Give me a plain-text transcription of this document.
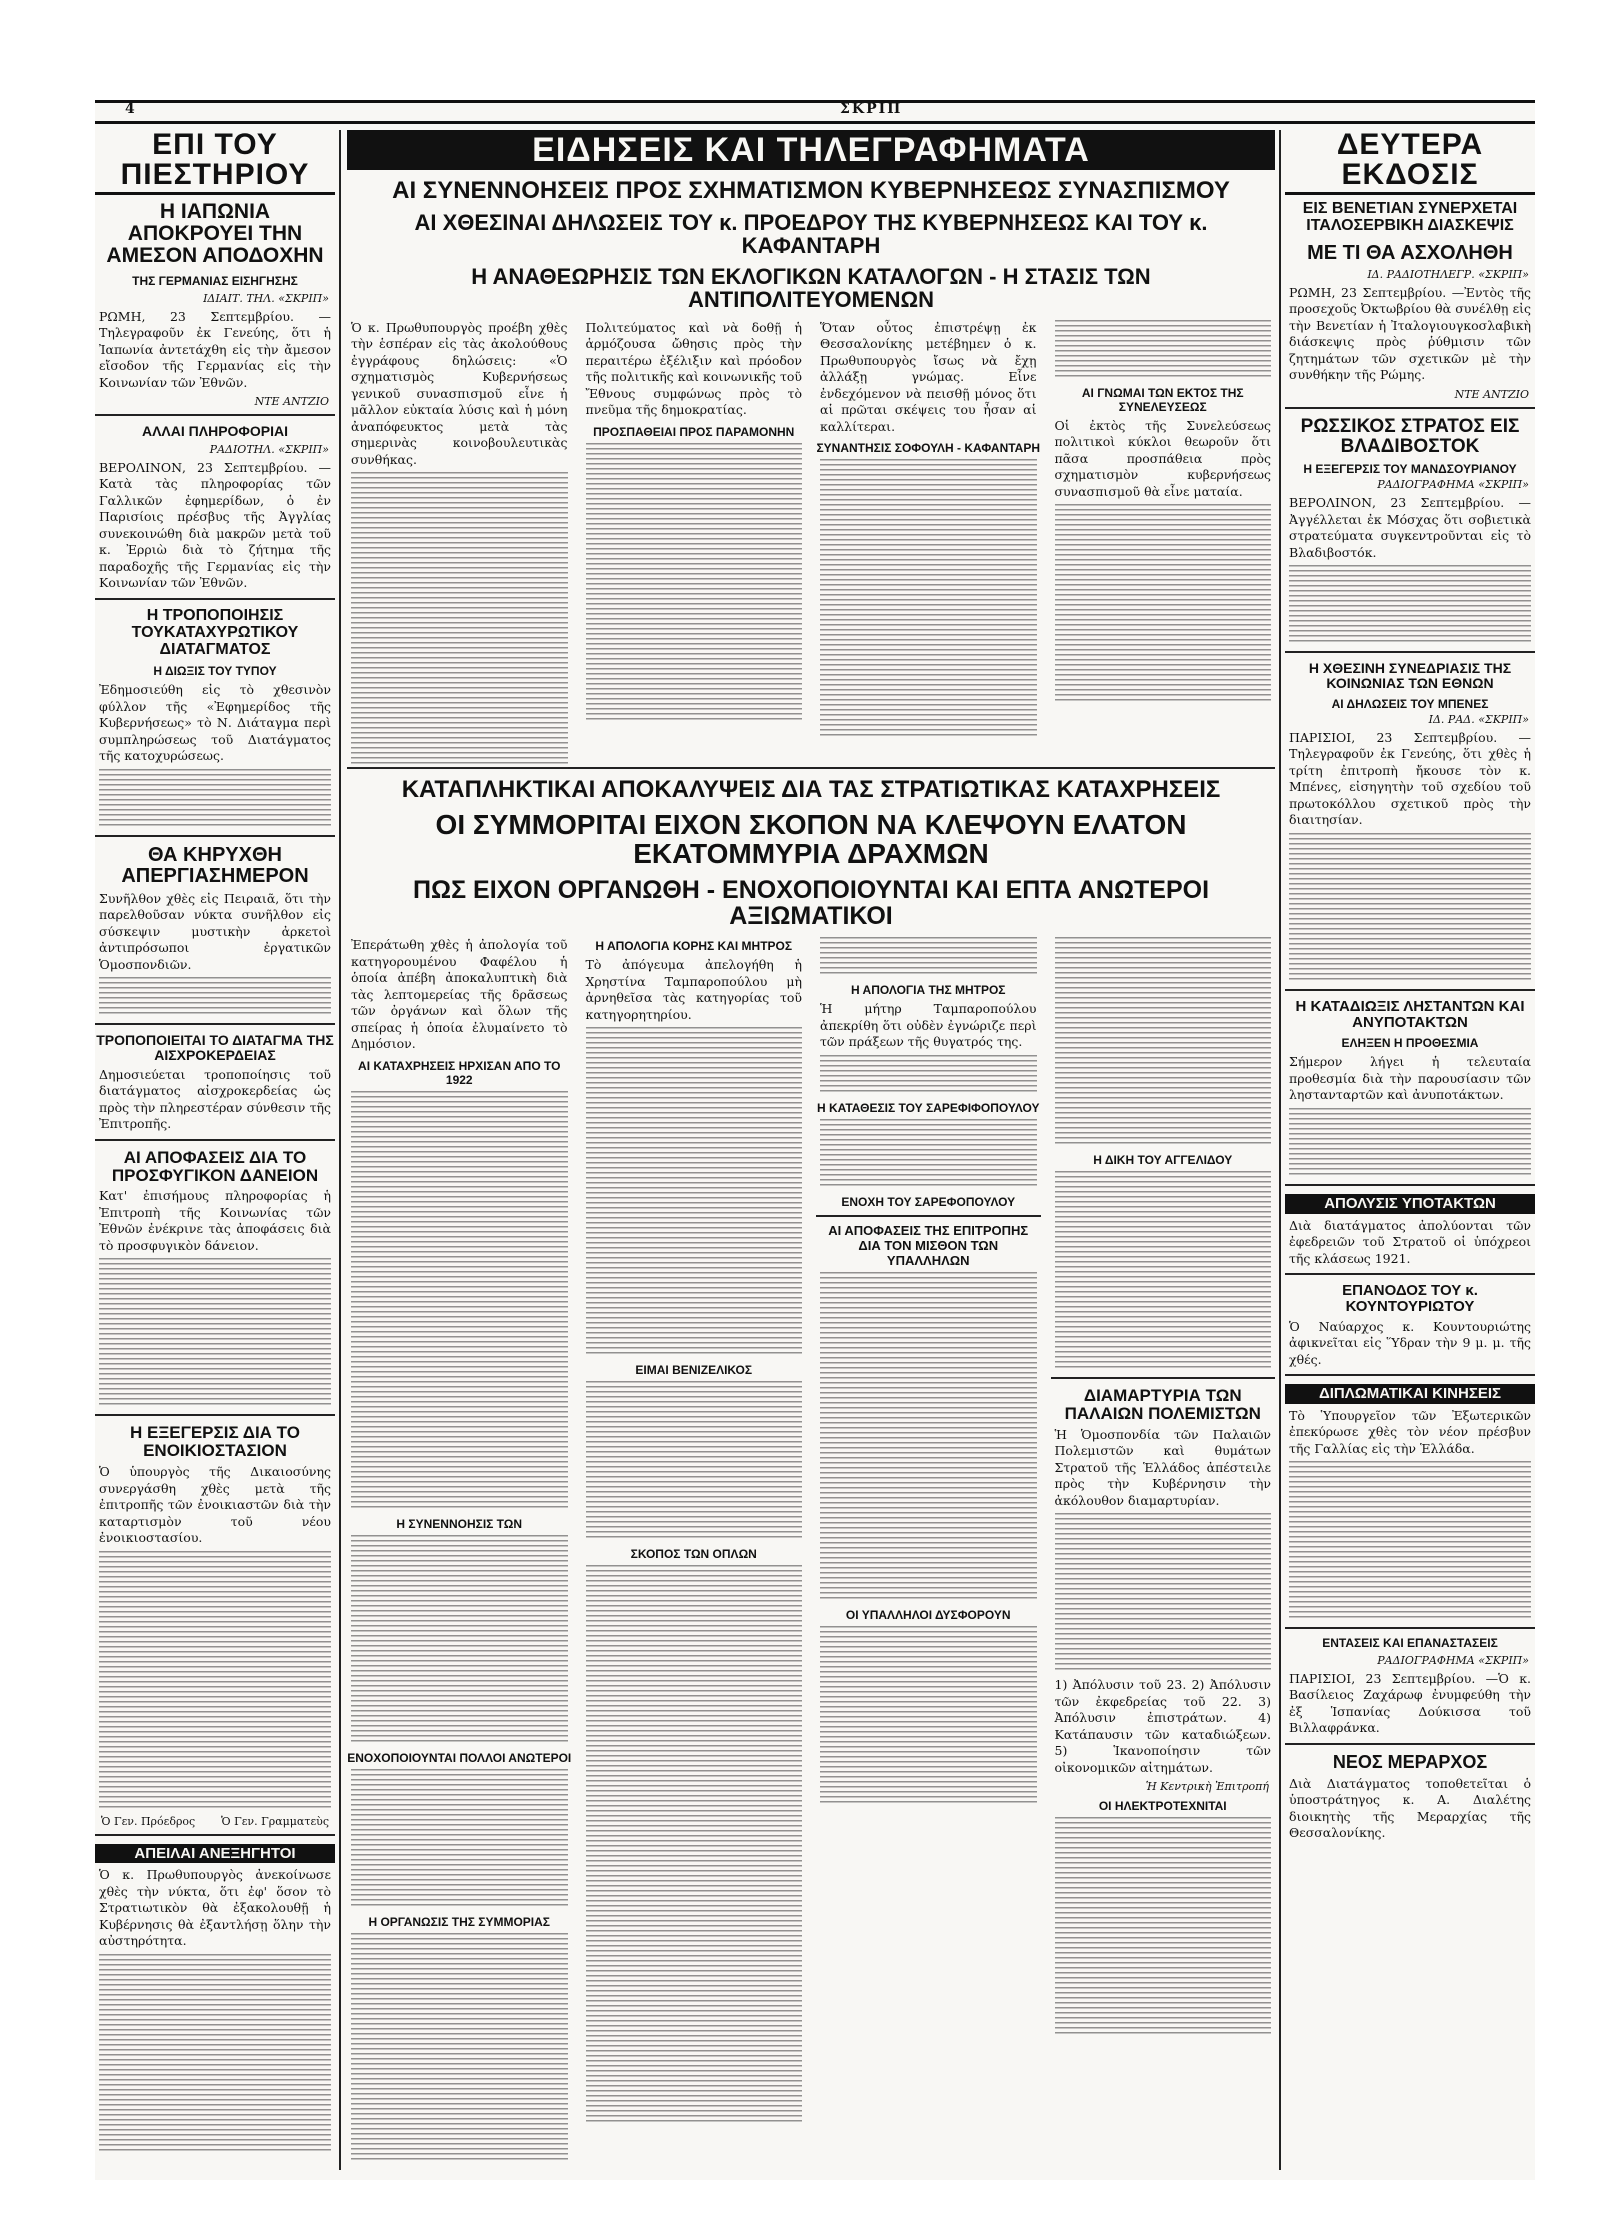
4	ΣΚΡΙΠ
ΕΠΙ ΤΟΥ ΠΙΕΣΤΗΡΙΟΥ
Η ΙΑΠΩΝΙΑ ΑΠΟΚΡΟΥΕΙ ΤΗΝ ΑΜΕΣΟΝ ΑΠΟΔΟΧΗΝ
ΤΗΣ ΓΕΡΜΑΝΙΑΣ ΕΙΣΗΓΗΣΗΣ
ΙΔΙΑΙΤ. ΤΗΛ. «ΣΚΡΙΠ»

ΡΩΜΗ, 23 Σεπτεμβρίου. —Τηλεγραφοῦν ἐκ Γενεύης, ὅτι ἡ Ἰαπωνία ἀντετάχθη εἰς τὴν ἄμεσον εἴσοδον τῆς Γερμανίας εἰς τὴν Κοινωνίαν τῶν Ἐθνῶν.

ΝΤΕ ΑΝΤΖΙΟ
ΑΛΛΑΙ ΠΛΗΡΟΦΟΡΙΑΙ
ΡΑΔΙΟΤΗΛ. «ΣΚΡΙΠ»

ΒΕΡΟΛΙΝΟΝ, 23 Σεπτεμβρίου. —Κατὰ τὰς πληροφορίας τῶν Γαλλικῶν ἐφημερίδων, ὁ ἐν Παρισίοις πρέσβυς τῆς Ἀγγλίας συνεκοινώθη διὰ μακρῶν μετὰ τοῦ κ. Ἐρριὼ διὰ τὸ ζήτημα τῆς παραδοχῆς τῆς Γερμανίας εἰς τὴν Κοινωνίαν τῶν Ἐθνῶν.

Η ΤΡΟΠΟΠΟΙΗΣΙΣ ΤΟΥΚΑΤΑΧΥΡΩΤΙΚΟΥ ΔΙΑΤΑΓΜΑΤΟΣ
Η ΔΙΩΞΙΣ ΤΟΥ ΤΥΠΟΥ

Ἐδημοσιεύθη εἰς τὸ χθεσινὸν φύλλον τῆς «Ἐφημερίδος τῆς Κυβερνήσεως» τὸ Ν. Διάταγμα περὶ συμπληρώσεως τοῦ Διατάγματος τῆς κατοχυρώσεως.

ΘΑ ΚΗΡΥΧΘΗ ΑΠΕΡΓΙΑΣΗΜΕΡΟΝ

Συνῆλθον χθὲς εἰς Πειραιᾶ, ὅτι τὴν παρελθοῦσαν νύκτα συνῆλθον εἰς σύσκεψιν μυστικὴν ἀρκετοὶ ἀντιπρόσωποι ἐργατικῶν Ὁμοσπονδιῶν.

ΤΡΟΠΟΠΟΙΕΙΤΑΙ ΤΟ ΔΙΑΤΑΓΜΑ ΤΗΣ ΑΙΣΧΡΟΚΕΡΔΕΙΑΣ

Δημοσιεύεται τροποποίησις τοῦ διατάγματος αἰσχροκερδείας ὡς πρὸς τὴν πληρεστέραν σύνθεσιν τῆς Ἐπιτροπῆς.

ΑΙ ΑΠΟΦΑΣΕΙΣ ΔΙΑ ΤΟ ΠΡΟΣΦΥΓΙΚΟΝ ΔΑΝΕΙΟΝ

Κατ' ἐπισήμους πληροφορίας ἡ Ἐπιτροπὴ τῆς Κοινωνίας τῶν Ἐθνῶν ἐνέκρινε τὰς ἀποφάσεις διὰ τὸ προσφυγικὸν δάνειον.

Η ΕΞΕΓΕΡΣΙΣ ΔΙΑ ΤΟ ΕΝΟΙΚΙΟΣΤΑΣΙΟΝ

Ὁ ὑπουργὸς τῆς Δικαιοσύνης συνεργάσθη χθὲς μετὰ τῆς ἐπιτροπῆς τῶν ἐνοικιαστῶν διὰ τὴν καταρτισμὸν τοῦ νέου ἐνοικιοστασίου.

Ὁ Γεν. Πρόεδρος Ὁ Γεν. Γραμματεὺς
ΑΠΕΙΛΑΙ ΑΝΕΞΗΓΗΤΟΙ

Ὁ κ. Πρωθυπουργὸς ἀνεκοίνωσε χθὲς τὴν νύκτα, ὅτι ἐφ' ὅσον τὸ Στρατιωτικὸν θὰ ἐξακολουθῇ ἡ Κυβέρνησις θὰ ἐξαντλήσῃ ὅλην τὴν αὐστηρότητα.

ΕΙΔΗΣΕΙΣ ΚΑΙ ΤΗΛΕΓΡΑΦΗΜΑΤΑ
ΑΙ ΣΥΝΕΝΝΟΗΣΕΙΣ ΠΡΟΣ ΣΧΗΜΑΤΙΣΜΟΝ ΚΥΒΕΡΝΗΣΕΩΣ ΣΥΝΑΣΠΙΣΜΟΥ
ΑΙ ΧΘΕΣΙΝΑΙ ΔΗΛΩΣΕΙΣ ΤΟΥ κ. ΠΡΟΕΔΡΟΥ ΤΗΣ ΚΥΒΕΡΝΗΣΕΩΣ ΚΑΙ ΤΟΥ κ. ΚΑΦΑΝΤΑΡΗ
Η ΑΝΑΘΕΩΡΗΣΙΣ ΤΩΝ ΕΚΛΟΓΙΚΩΝ ΚΑΤΑΛΟΓΩΝ - Η ΣΤΑΣΙΣ ΤΩΝ ΑΝΤΙΠΟΛΙΤΕΥΟΜΕΝΩΝ

Ὁ κ. Πρωθυπουργὸς προέβη χθὲς τὴν ἑσπέραν εἰς τὰς ἀκολούθους ἐγγράφους δηλώσεις: «Ὁ σχηματισμὸς Κυβερνήσεως γενικοῦ συνασπισμοῦ εἶνε ἡ μᾶλλον εὐκταία λύσις καὶ ἡ μόνη ἀναπόφευκτος μετὰ τὰς σημερινὰς κοινοβουλευτικὰς συνθήκας.

Πολιτεύματος καὶ νὰ δοθῇ ἡ ἁρμόζουσα ὤθησις πρὸς τὴν περαιτέρω ἐξέλιξιν καὶ πρόοδον τῆς πολιτικῆς καὶ κοινωνικῆς τοῦ Ἔθνους συμφώνως πρὸς τὸ πνεῦμα τῆς δημοκρατίας.

ΠΡΟΣΠΑΘΕΙΑΙ ΠΡΟΣ ΠΑΡΑΜΟΝΗΝ

Ὅταν οὗτος ἐπιστρέψῃ ἐκ Θεσσαλονίκης μετέβημεν ὁ κ. Πρωθυπουργὸς ἴσως νὰ ἔχῃ ἀλλάξῃ γνώμας. Εἶνε ἐνδεχόμενον νὰ πεισθῇ μόνος ὅτι αἱ πρῶται σκέψεις του ἦσαν αἱ καλλίτεραι.

ΣΥΝΑΝΤΗΣΙΣ ΣΟΦΟΥΛΗ - ΚΑΦΑΝΤΑΡΗ
ΑΙ ΓΝΩΜΑΙ ΤΩΝ ΕΚΤΟΣ ΤΗΣ ΣΥΝΕΛΕΥΣΕΩΣ

Οἱ ἐκτὸς τῆς Συνελεύσεως πολιτικοὶ κύκλοι θεωροῦν ὅτι πᾶσα προσπάθεια πρὸς σχηματισμὸν κυβερνήσεως συνασπισμοῦ θὰ εἶνε ματαία.

ΚΑΤΑΠΛΗΚΤΙΚΑΙ ΑΠΟΚΑΛΥΨΕΙΣ ΔΙΑ ΤΑΣ ΣΤΡΑΤΙΩΤΙΚΑΣ ΚΑΤΑΧΡΗΣΕΙΣ
ΟΙ ΣΥΜΜΟΡΙΤΑΙ ΕΙΧΟΝ ΣΚΟΠΟΝ ΝΑ ΚΛΕΨΟΥΝ ΕΛΑΤΟΝ ΕΚΑΤΟΜΜΥΡΙΑ ΔΡΑΧΜΩΝ
ΠΩΣ ΕΙΧΟΝ ΟΡΓΑΝΩΘΗ - ΕΝΟΧΟΠΟΙΟΥΝΤΑΙ ΚΑΙ ΕΠΤΑ ΑΝΩΤΕΡΟΙ ΑΞΙΩΜΑΤΙΚΟΙ

Ἐπεράτωθη χθὲς ἡ ἀπολογία τοῦ κατηγορουμένου Φαφέλου ἡ ὁποία ἀπέβη ἀποκαλυπτικὴ διὰ τὰς λεπτομερείας τῆς δρᾶσεως τῶν ὀργάνων καὶ ὅλων τῆς σπείρας ἡ ὁποία ἐλυμαίνετο τὸ Δημόσιον.

ΑΙ ΚΑΤΑΧΡΗΣΕΙΣ ΗΡΧΙΣΑΝ ΑΠΟ ΤΟ 1922
Η ΣΥΝΕΝΝΟΗΣΙΣ ΤΩΝ
ΕΝΟΧΟΠΟΙΟΥΝΤΑΙ ΠΟΛΛΟΙ ΑΝΩΤΕΡΟΙ
Η ΟΡΓΑΝΩΣΙΣ ΤΗΣ ΣΥΜΜΟΡΙΑΣ
Η ΑΠΟΛΟΓΙΑ ΚΟΡΗΣ ΚΑΙ ΜΗΤΡΟΣ

Τὸ ἀπόγευμα ἀπελογήθη ἡ Χρηστίνα Ταμπαροπούλου μὴ ἀρνηθεῖσα τὰς κατηγορίας τοῦ κατηγορητηρίου.

ΕΙΜΑΙ ΒΕΝΙΖΕΛΙΚΟΣ
ΣΚΟΠΟΣ ΤΩΝ ΟΠΛΩΝ
Η ΑΠΟΛΟΓΙΑ ΤΗΣ ΜΗΤΡΟΣ

Ἡ μήτηρ Ταμπαροπούλου ἀπεκρίθη ὅτι οὐδὲν ἐγνώριζε περὶ τῶν πράξεων τῆς θυγατρός της.

Η ΚΑΤΑΘΕΣΙΣ ΤΟΥ ΣΑΡΕΦΙΦΟΠΟΥΛΟΥ
ΕΝΟΧΗ ΤΟΥ ΣΑΡΕΦΟΠΟΥΛΟΥ
ΑΙ ΑΠΟΦΑΣΕΙΣ ΤΗΣ ΕΠΙΤΡΟΠΗΣ ΔΙΑ ΤΟΝ ΜΙΣΘΟΝ ΤΩΝ ΥΠΑΛΛΗΛΩΝ
ΟΙ ΥΠΑΛΛΗΛΟΙ ΔΥΣΦΟΡΟΥΝ
Η ΔΙΚΗ ΤΟΥ ΑΓΓΕΛΙΔΟΥ
ΔΙΑΜΑΡΤΥΡΙΑ ΤΩΝ ΠΑΛΑΙΩΝ ΠΟΛΕΜΙΣΤΩΝ

Ἡ Ὁμοσπονδία τῶν Παλαιῶν Πολεμιστῶν καὶ θυμάτων Στρατοῦ τῆς Ἑλλάδος ἀπέστειλε πρὸς τὴν Κυβέρνησιν τὴν ἀκόλουθον διαμαρτυρίαν.

1) Ἀπόλυσιν τοῦ 23. 2) Ἀπόλυσιν τῶν ἐκφεδρείας τοῦ 22. 3) Ἀπόλυσιν ἐπιστράτων. 4) Κατάπαυσιν τῶν καταδιώξεων. 5) Ἱκανοποίησιν τῶν οἰκονομικῶν αἰτημάτων.

Ἡ Κεντρικὴ Ἐπιτροπή
ΟΙ ΗΛΕΚΤΡΟΤΕΧΝΙΤΑΙ
ΔΕΥΤΕΡΑ ΕΚΔΟΣΙΣ
ΕΙΣ ΒΕΝΕΤΙΑΝ ΣΥΝΕΡΧΕΤΑΙ ΙΤΑΛΟΣΕΡΒΙΚΗ ΔΙΑΣΚΕΨΙΣ
ΜΕ ΤΙ ΘΑ ΑΣΧΟΛΗΘΗ
ΙΔ. ΡΑΔΙΟΤΗΛΕΓΡ. «ΣΚΡΙΠ»

ΡΩΜΗ, 23 Σεπτεμβρίου. —Ἐντὸς τῆς προσεχοῦς Ὀκτωβρίου θὰ συνέλθῃ εἰς τὴν Βενετίαν ἡ Ἰταλογιουγκοσλαβικὴ διάσκεψις πρὸς ῥύθμισιν τῶν ζητημάτων τῶν σχετικῶν μὲ τὴν συνθήκην τῆς Ρώμης.

ΝΤΕ ΑΝΤΖΙΟ
ΡΩΣΣΙΚΟΣ ΣΤΡΑΤΟΣ ΕΙΣ ΒΛΑΔΙΒΟΣΤΟΚ
Η ΕΞΕΓΕΡΣΙΣ ΤΟΥ ΜΑΝΔΣΟΥΡΙΑΝΟΥ
ΡΑΔΙΟΓΡΑΦΗΜΑ «ΣΚΡΙΠ»

ΒΕΡΟΛΙΝΟΝ, 23 Σεπτεμβρίου. —Ἀγγέλλεται ἐκ Μόσχας ὅτι σοβιετικὰ στρατεύματα συγκεντροῦνται εἰς τὸ Βλαδιβοστόκ.

Η ΧΘΕΣΙΝΗ ΣΥΝΕΔΡΙΑΣΙΣ ΤΗΣ ΚΟΙΝΩΝΙΑΣ ΤΩΝ ΕΘΝΩΝ
ΑΙ ΔΗΛΩΣΕΙΣ ΤΟΥ ΜΠΕΝΕΣ
ΙΔ. ΡΑΔ. «ΣΚΡΙΠ»

ΠΑΡΙΣΙΟΙ, 23 Σεπτεμβρίου. —Τηλεγραφοῦν ἐκ Γενεύης, ὅτι χθὲς ἡ τρίτη ἐπιτροπὴ ἤκουσε τὸν κ. Μπένες, εἰσηγητὴν τοῦ σχεδίου τοῦ πρωτοκόλλου σχετικοῦ πρὸς τὴν διαιτησίαν.

Η ΚΑΤΑΔΙΩΞΙΣ ΛΗΣΤΑΝΤΩΝ ΚΑΙ ΑΝΥΠΟΤΑΚΤΩΝ
ΕΛΗΞΕΝ Η ΠΡΟΘΕΣΜΙΑ

Σήμερον λήγει ἡ τελευταία προθεσμία διὰ τὴν παρουσίασιν τῶν ληστανταρτῶν καὶ ἀνυποτάκτων.

ΑΠΟΛΥΣΙΣ ΥΠΟΤΑΚΤΩΝ

Διὰ διατάγματος ἀπολύονται τῶν ἐφεδρειῶν τοῦ Στρατοῦ οἱ ὑπόχρεοι τῆς κλάσεως 1921.

ΕΠΑΝΟΔΟΣ ΤΟΥ κ. ΚΟΥΝΤΟΥΡΙΩΤΟΥ

Ὁ Ναύαρχος κ. Κουντουριώτης ἀφικνεῖται εἰς Ὕδραν τὴν 9 μ. μ. τῆς χθές.

ΔΙΠΛΩΜΑΤΙΚΑΙ ΚΙΝΗΣΕΙΣ

Τὸ Ὑπουργεῖον τῶν Ἐξωτερικῶν ἐπεκύρωσε χθὲς τὸν νέον πρέσβυν τῆς Γαλλίας εἰς τὴν Ἑλλάδα.

ΕΝΤΑΣΕΙΣ ΚΑΙ ΕΠΑΝΑΣΤΑΣΕΙΣ
ΡΑΔΙΟΓΡΑΦΗΜΑ «ΣΚΡΙΠ»

ΠΑΡΙΣΙΟΙ, 23 Σεπτεμβρίου. —Ὁ κ. Βασίλειος Ζαχάρωφ ἐνυμφεύθη τὴν ἐξ Ἱσπανίας Δούκισσα τοῦ Βιλλαφράνκα.

ΝΕΟΣ ΜΕΡΑΡΧΟΣ

Διὰ Διατάγματος τοποθετεῖται ὁ ὑποστράτηγος κ. Α. Διαλέτης διοικητὴς τῆς Μεραρχίας τῆς Θεσσαλονίκης.
